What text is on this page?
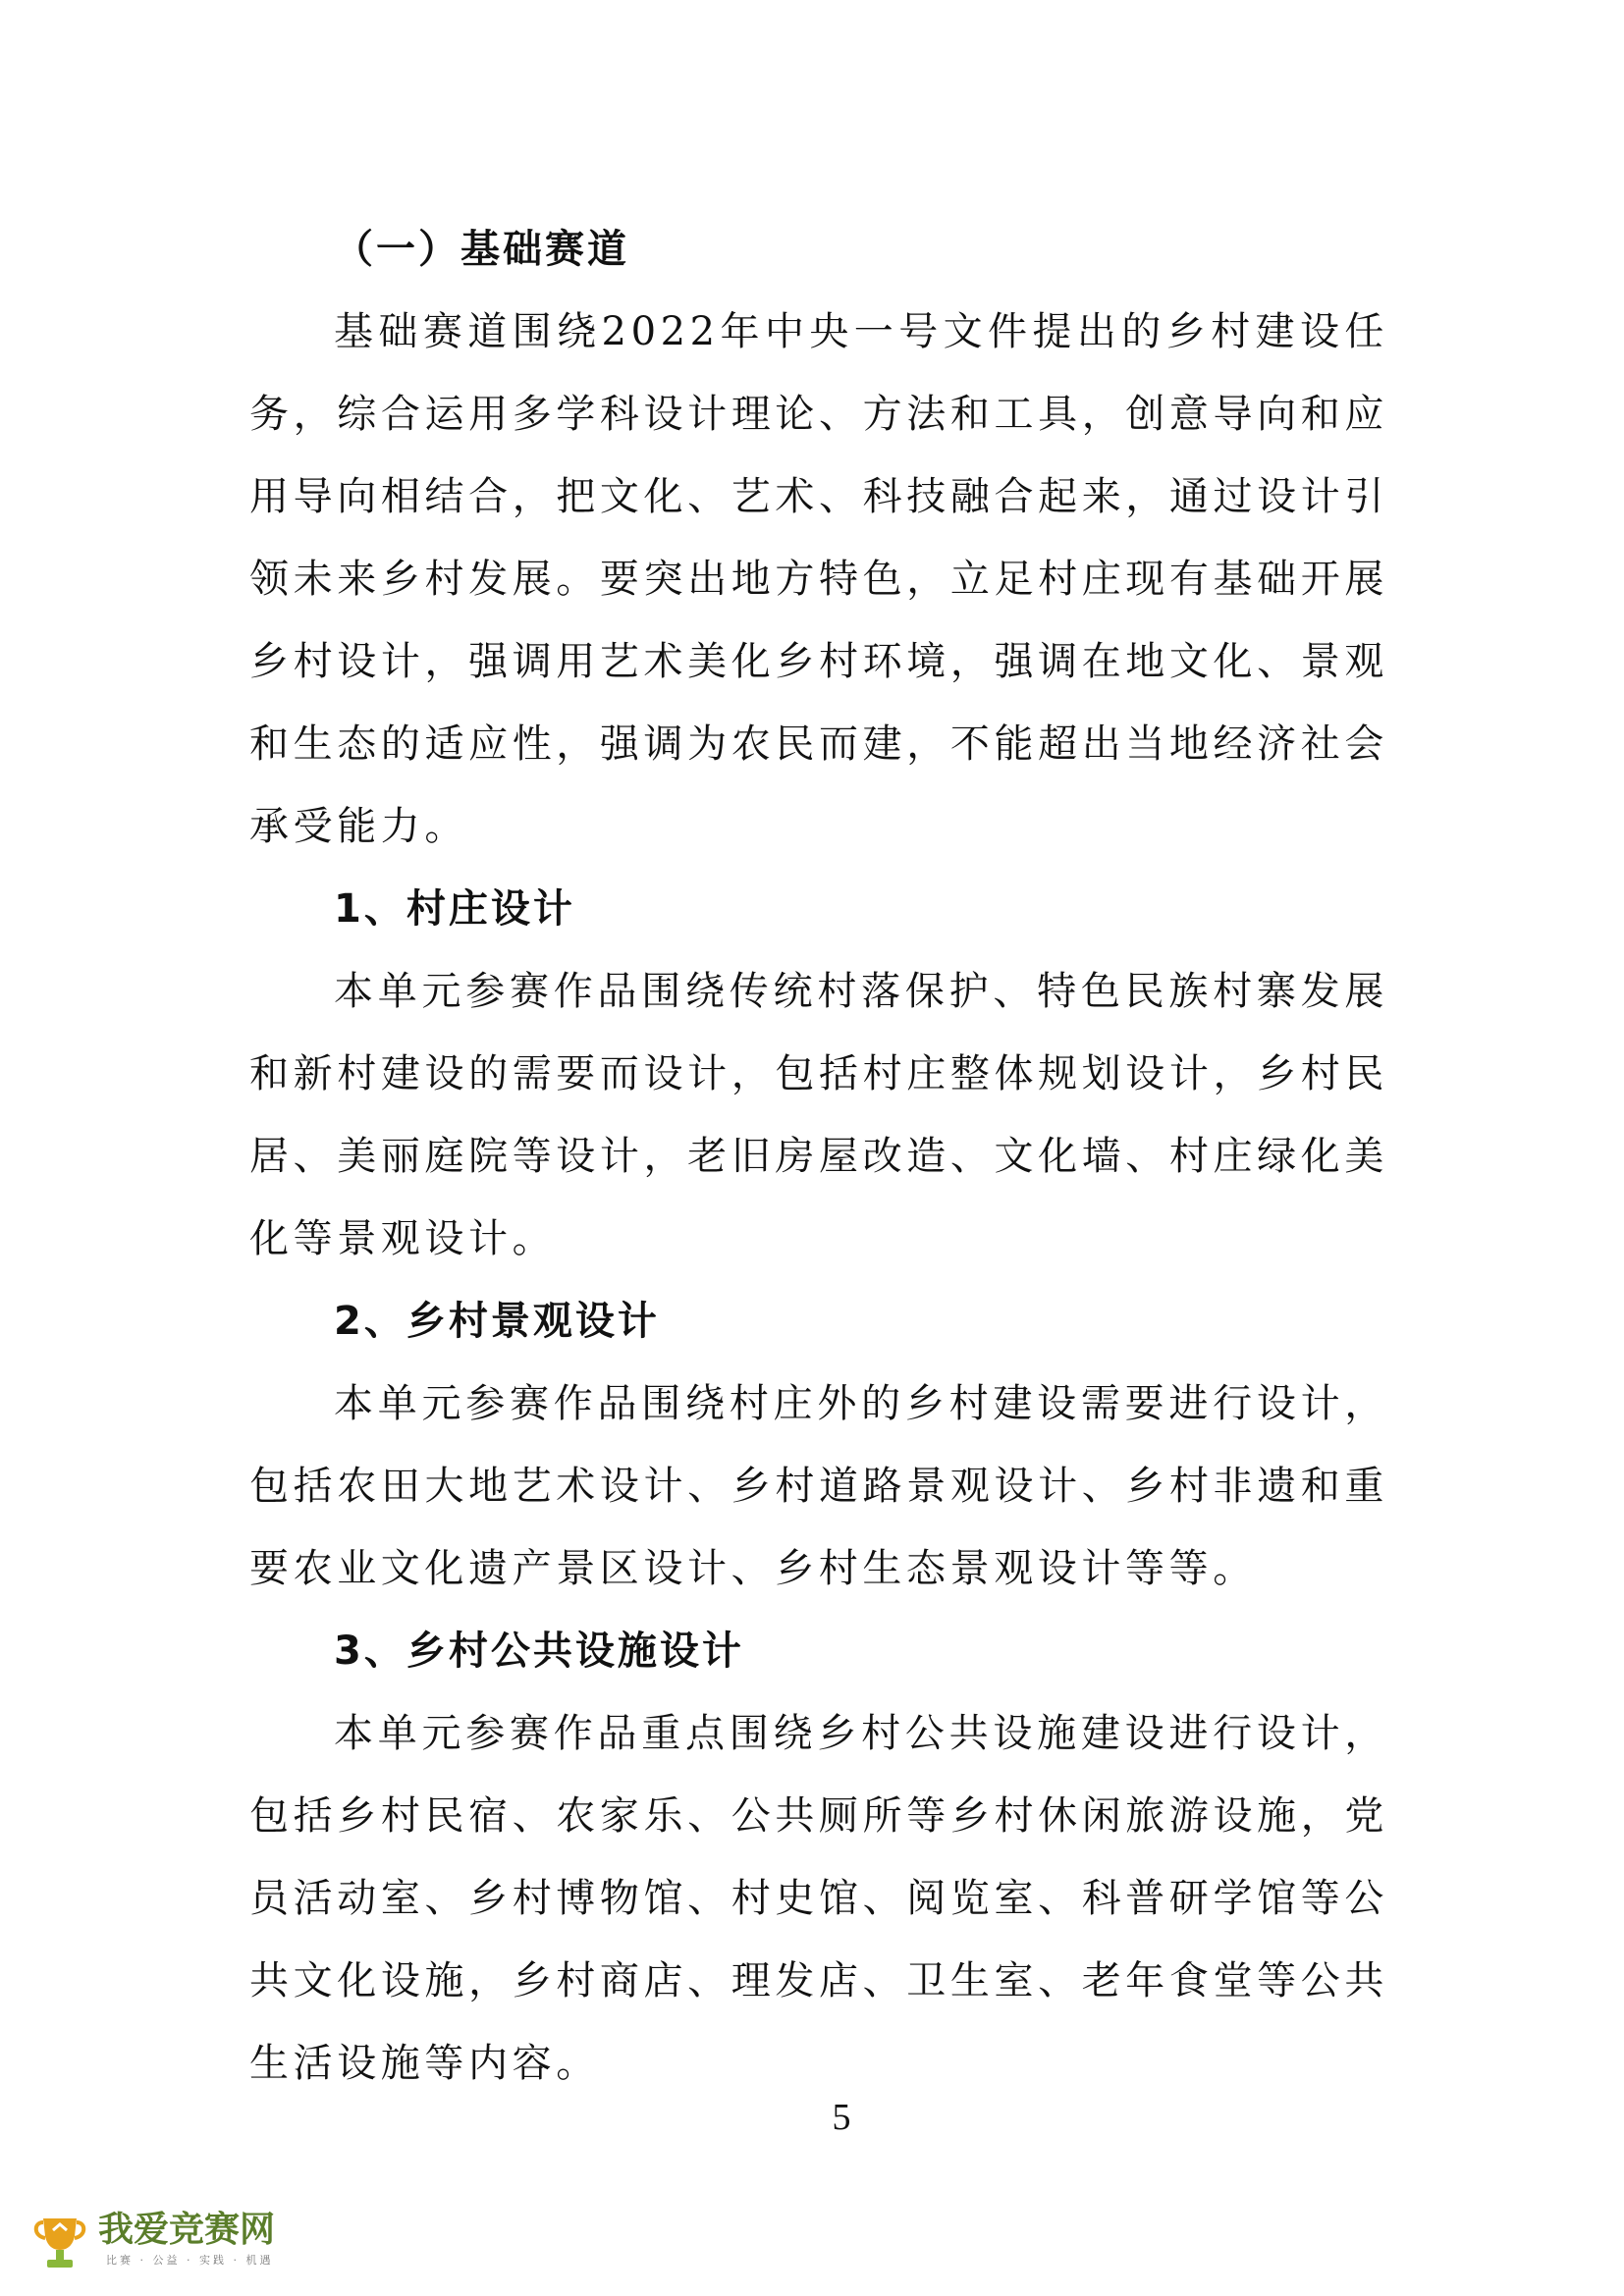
（一）基础赛道

基础赛道围绕2022年中央一号文件提出的乡村建设任务，综合运用多学科设计理论、方法和工具，创意导向和应用导向相结合，把文化、艺术、科技融合起来，通过设计引领未来乡村发展。要突出地方特色，立足村庄现有基础开展乡村设计，强调用艺术美化乡村环境，强调在地文化、景观和生态的适应性，强调为农民而建，不能超出当地经济社会承受能力。

1、村庄设计

本单元参赛作品围绕传统村落保护、特色民族村寨发展和新村建设的需要而设计，包括村庄整体规划设计，乡村民居、美丽庭院等设计，老旧房屋改造、文化墙、村庄绿化美化等景观设计。

2、乡村景观设计

本单元参赛作品围绕村庄外的乡村建设需要进行设计，包括农田大地艺术设计、乡村道路景观设计、乡村非遗和重要农业文化遗产景区设计、乡村生态景观设计等等。

3、乡村公共设施设计

本单元参赛作品重点围绕乡村公共设施建设进行设计，包括乡村民宿、农家乐、公共厕所等乡村休闲旅游设施，党员活动室、乡村博物馆、村史馆、阅览室、科普研学馆等公共文化设施，乡村商店、理发店、卫生室、老年食堂等公共生活设施等内容。

5

我爱竞赛网

比赛 · 公益 · 实践 · 机遇
